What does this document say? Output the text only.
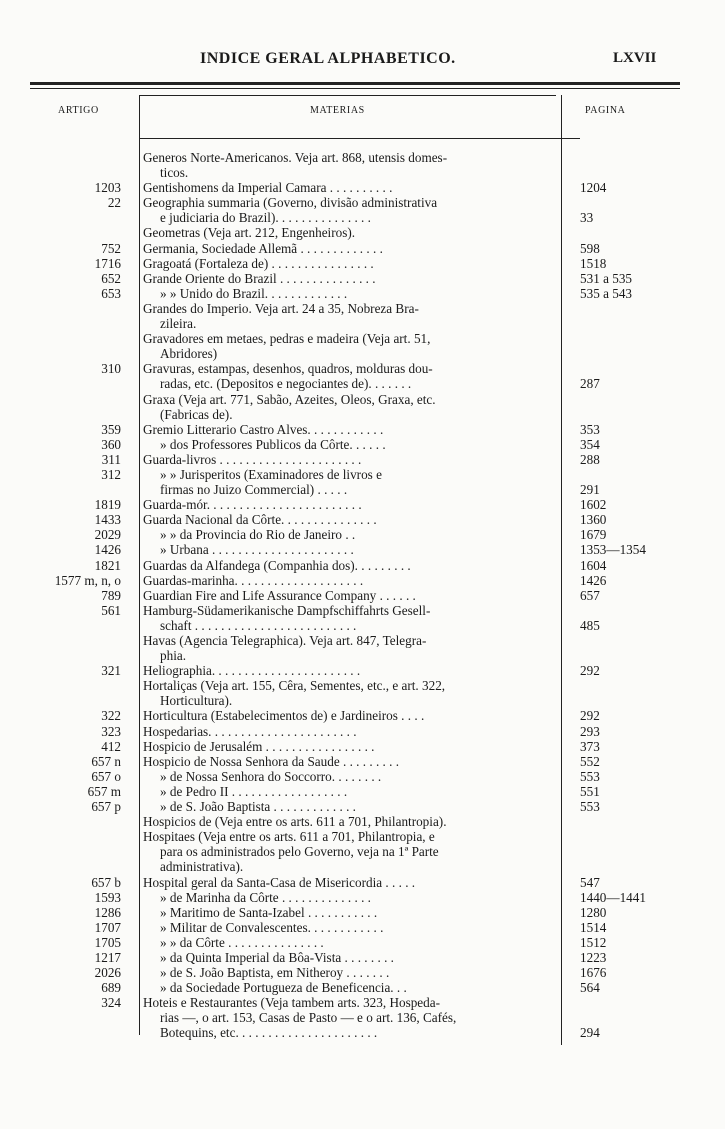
INDICE GERAL ALPHABETICO.	LXVII
ARTIGO	MATERIAS	PAGINA
Generos Norte-Americanos. Veja art. 868, utensis domes-
ticos.
1203 Gentishomens da Imperial Camara . . . . . . . . . .	1204
22 Geographia summaria (Governo, divisão administrativa
e judiciaria do Brazil). . . . . . . . . . . . . . .	33
Geometras (Veja art. 212, Engenheiros).
752 Germania, Sociedade Allemã . . . . . . . . . . . . .	598
1716 Gragoatá (Fortaleza de) . . . . . . . . . . . . . . . .	1518
652 Grande Oriente do Brazil . . . . . . . . . . . . . . .	531 a 535
653	» » Unido do Brazil. . . . . . . . . . . . .	535 a 543
Grandes do Imperio. Veja art. 24 a 35, Nobreza Bra-
zileira.
Gravadores em metaes, pedras e madeira (Veja art. 51,
Abridores)
310 Gravuras, estampas, desenhos, quadros, molduras dou-
radas, etc. (Depositos e negociantes de). . . . . . .	287
Graxa (Veja art. 771, Sabão, Azeites, Oleos, Graxa, etc.
(Fabricas de).
359 Gremio Litterario Castro Alves. . . . . . . . . . . .	353
360	» dos Professores Publicos da Côrte. . . . . .	354
311 Guarda-livros . . . . . . . . . . . . . . . . . . . . . .	288
312	» » Jurisperitos (Examinadores de livros e
firmas no Juizo Commercial) . . . . .	291
1819 Guarda-mór. . . . . . . . . . . . . . . . . . . . . . . .	1602
1433 Guarda Nacional da Côrte. . . . . . . . . . . . . . .	1360
2029	» » da Provincia do Rio de Janeiro . .	1679
1426	» Urbana . . . . . . . . . . . . . . . . . . . . . .	1353—1354
1821 Guardas da Alfandega (Companhia dos). . . . . . . . .	1604
1577 m, n, o Guardas-marinha. . . . . . . . . . . . . . . . . . . .	1426
789 Guardian Fire and Life Assurance Company . . . . . .	657
561 Hamburg-Südamerikanische Dampfschiffahrts Gesell-
schaft . . . . . . . . . . . . . . . . . . . . . . . . .	485
Havas (Agencia Telegraphica). Veja art. 847, Telegra-
phia.
321 Heliographia. . . . . . . . . . . . . . . . . . . . . . .	292
Hortaliças (Veja art. 155, Cêra, Sementes, etc., e art. 322,
Horticultura).
322 Horticultura (Estabelecimentos de) e Jardineiros . . . .	292
323 Hospedarias. . . . . . . . . . . . . . . . . . . . . . .	293
412 Hospicio de Jerusalém . . . . . . . . . . . . . . . . .	373
657 n Hospicio de Nossa Senhora da Saude . . . . . . . . .	552
657 o	» de Nossa Senhora do Soccorro. . . . . . . .	553
657 m	» de Pedro II . . . . . . . . . . . . . . . . . .	551
657 p	» de S. João Baptista . . . . . . . . . . . . .	553
Hospicios de (Veja entre os arts. 611 a 701, Philantropia).
Hospitaes (Veja entre os arts. 611 a 701, Philantropia, e
para os administrados pelo Governo, veja na 1ª Parte
administrativa).
657 b Hospital geral da Santa-Casa de Misericordia . . . . .	547
1593	» de Marinha da Côrte . . . . . . . . . . . . . .	1440—1441
1286	» Maritimo de Santa-Izabel . . . . . . . . . . .	1280
1707	» Militar de Convalescentes. . . . . . . . . . . .	1514
1705	» » da Côrte . . . . . . . . . . . . . . .	1512
1217	» da Quinta Imperial da Bôa-Vista . . . . . . . .	1223
2026	» de S. João Baptista, em Nitheroy . . . . . . .	1676
689	» da Sociedade Portugueza de Beneficencia. . .	564
324 Hoteis e Restaurantes (Veja tambem arts. 323, Hospeda-
rias —, o art. 153, Casas de Pasto — e o art. 136, Cafés,
Botequins, etc. . . . . . . . . . . . . . . . . . . . . .	294
